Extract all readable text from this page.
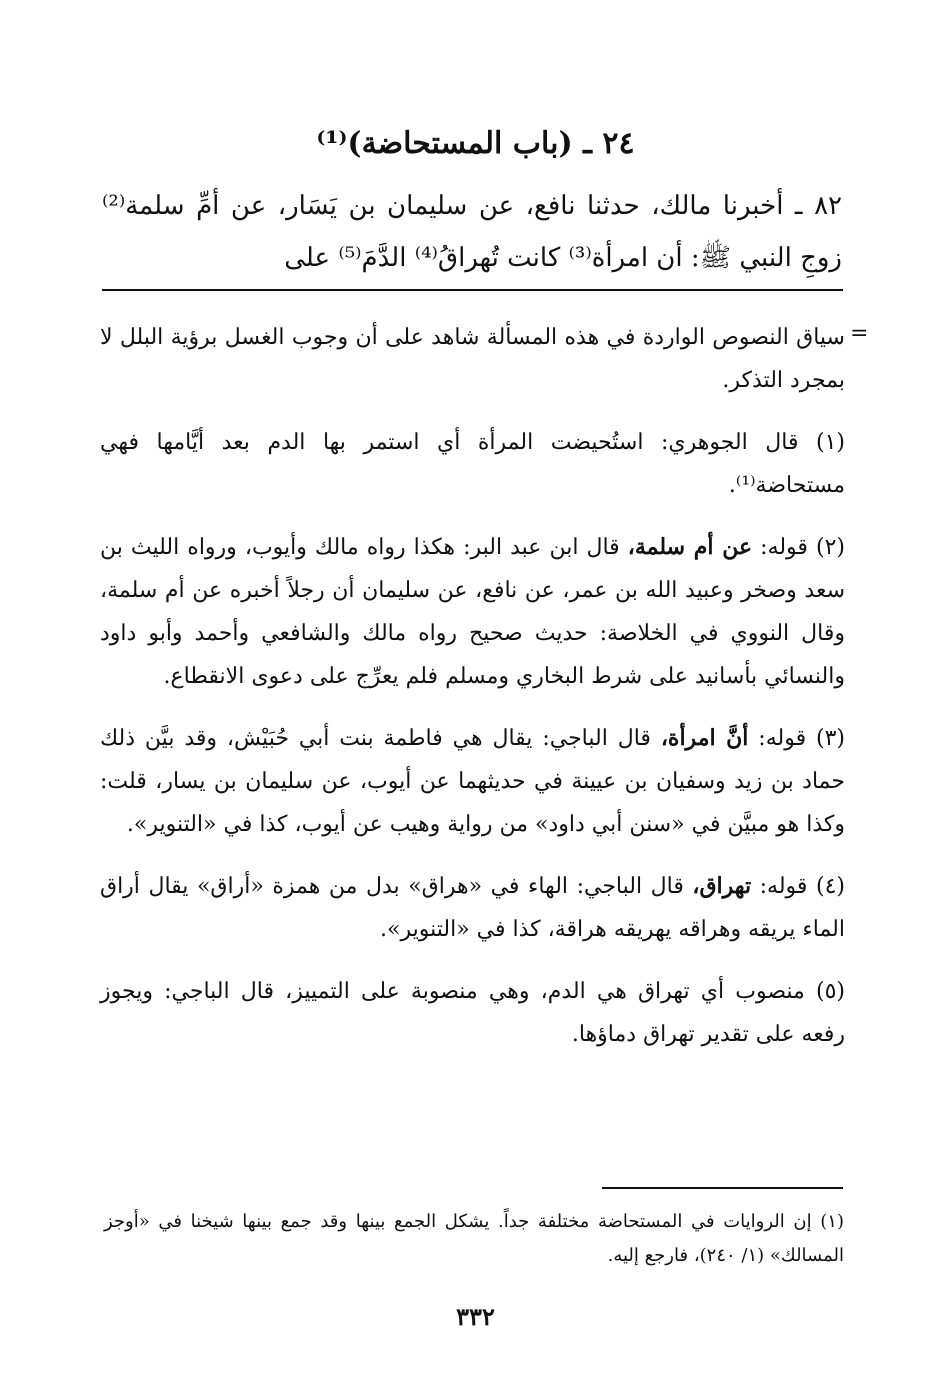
٢٤ ـ (باب المستحاضة)⁽¹⁾
٨٢ ـ أخبرنا مالك، حدثنا نافع، عن سليمان بن يَسَار، عن أمِّ سلمة⁽²⁾ زوجِ النبي ﷺ: أن امرأة⁽³⁾ كانت تُهراقُ⁽⁴⁾ الدَّمَ⁽⁵⁾ على
=
سياق النصوص الواردة في هذه المسألة شاهد على أن وجوب الغسل برؤية البلل لا بمجرد التذكر.
(١) قال الجوهري: استُحيضت المرأة أي استمر بها الدم بعد أيَّامها فهي مستحاضة⁽¹⁾.
(٢) قوله: عن أم سلمة، قال ابن عبد البر: هكذا رواه مالك وأيوب، ورواه الليث بن سعد وصخر وعبيد الله بن عمر، عن نافع، عن سليمان أن رجلاً أخبره عن أم سلمة، وقال النووي في الخلاصة: حديث صحيح رواه مالك والشافعي وأحمد وأبو داود والنسائي بأسانيد على شرط البخاري ومسلم فلم يعرِّج على دعوى الانقطاع.
(٣) قوله: أنَّ امرأة، قال الباجي: يقال هي فاطمة بنت أبي حُبَيْش، وقد بيَّن ذلك حماد بن زيد وسفيان بن عيينة في حديثهما عن أيوب، عن سليمان بن يسار، قلت: وكذا هو مبيَّن في «سنن أبي داود» من رواية وهيب عن أيوب، كذا في «التنوير».
(٤) قوله: تهراق، قال الباجي: الهاء في «هراق» بدل من همزة «أراق» يقال أراق الماء يريقه وهراقه يهريقه هراقة، كذا في «التنوير».
(٥) منصوب أي تهراق هي الدم، وهي منصوبة على التمييز، قال الباجي: ويجوز رفعه على تقدير تهراق دماؤها.
(١) إن الروايات في المستحاضة مختلفة جداً. يشكل الجمع بينها وقد جمع بينها شيخنا في «أوجز المسالك» (١/ ٢٤٠)، فارجع إليه.
٣٣٢
